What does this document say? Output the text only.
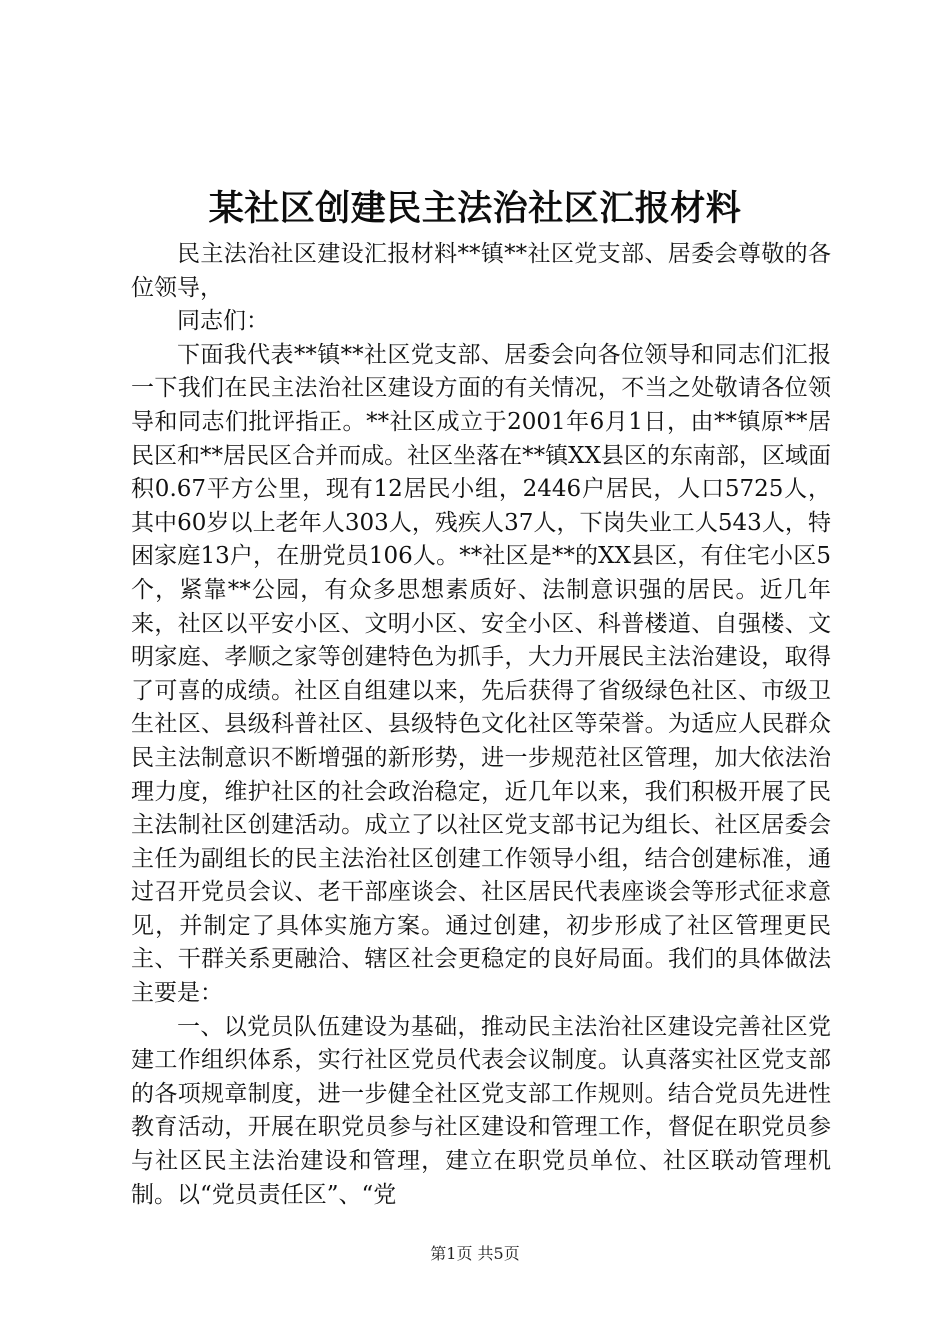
某社区创建民主法治社区汇报材料

民主法治社区建设汇报材料**镇**社区党支部、居委会尊敬的各位领导，

同志们：

下面我代表**镇**社区党支部、居委会向各位领导和同志们汇报一下我们在民主法治社区建设方面的有关情况，不当之处敬请各位领导和同志们批评指正。**社区成立于2001年6月1日，由**镇原**居民区和**居民区合并而成。社区坐落在**镇XX县区的东南部，区域面积0.67平方公里，现有12居民小组，2446户居民，人口5725人，其中60岁以上老年人303人，残疾人37人，下岗失业工人543人，特困家庭13户，在册党员106人。**社区是**的XX县区，有住宅小区5个，紧靠**公园，有众多思想素质好、法制意识强的居民。近几年来，社区以平安小区、文明小区、安全小区、科普楼道、自强楼、文明家庭、孝顺之家等创建特色为抓手，大力开展民主法治建设，取得了可喜的成绩。社区自组建以来，先后获得了省级绿色社区、市级卫生社区、县级科普社区、县级特色文化社区等荣誉。为适应人民群众民主法制意识不断增强的新形势，进一步规范社区管理，加大依法治理力度，维护社区的社会政治稳定，近几年以来，我们积极开展了民主法制社区创建活动。成立了以社区党支部书记为组长、社区居委会主任为副组长的民主法治社区创建工作领导小组，结合创建标准，通过召开党员会议、老干部座谈会、社区居民代表座谈会等形式征求意见，并制定了具体实施方案。通过创建，初步形成了社区管理更民主、干群关系更融洽、辖区社会更稳定的良好局面。我们的具体做法主要是：

一、以党员队伍建设为基础，推动民主法治社区建设完善社区党建工作组织体系，实行社区党员代表会议制度。认真落实社区党支部的各项规章制度，进一步健全社区党支部工作规则。结合党员先进性教育活动，开展在职党员参与社区建设和管理工作，督促在职党员参与社区民主法治建设和管理，建立在职党员单位、社区联动管理机制。以“党员责任区”、“党

第1页 共5页
